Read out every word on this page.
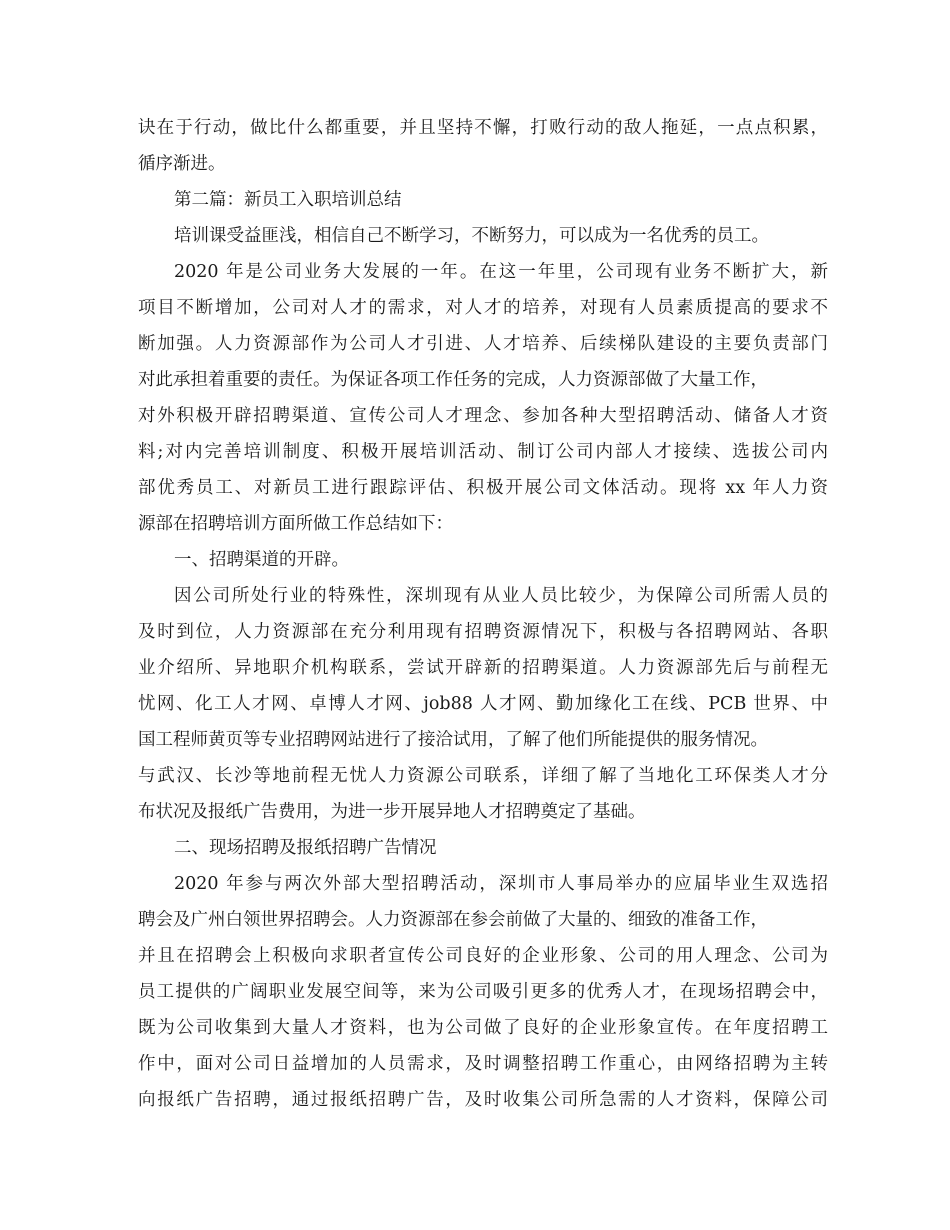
诀在于行动，做比什么都重要，并且坚持不懈，打败行动的敌人拖延，一点点积累，
循序渐进。
第二篇：新员工入职培训总结
培训课受益匪浅，相信自己不断学习，不断努力，可以成为一名优秀的员工。
2020 年是公司业务大发展的一年。在这一年里，公司现有业务不断扩大，新
项目不断增加，公司对人才的需求，对人才的培养，对现有人员素质提高的要求不
断加强。人力资源部作为公司人才引进、人才培养、后续梯队建设的主要负责部门
对此承担着重要的责任。为保证各项工作任务的完成，人力资源部做了大量工作，
对外积极开辟招聘渠道、宣传公司人才理念、参加各种大型招聘活动、储备人才资
料;对内完善培训制度、积极开展培训活动、制订公司内部人才接续、选拔公司内
部优秀员工、对新员工进行跟踪评估、积极开展公司文体活动。现将 xx 年人力资
源部在招聘培训方面所做工作总结如下：
一、招聘渠道的开辟。
因公司所处行业的特殊性，深圳现有从业人员比较少，为保障公司所需人员的
及时到位，人力资源部在充分利用现有招聘资源情况下，积极与各招聘网站、各职
业介绍所、异地职介机构联系，尝试开辟新的招聘渠道。人力资源部先后与前程无
忧网、化工人才网、卓博人才网、job88 人才网、勤加缘化工在线、PCB 世界、中
国工程师黄页等专业招聘网站进行了接洽试用，了解了他们所能提供的服务情况。
与武汉、长沙等地前程无忧人力资源公司联系，详细了解了当地化工环保类人才分
布状况及报纸广告费用，为进一步开展异地人才招聘奠定了基础。
二、现场招聘及报纸招聘广告情况
2020 年参与两次外部大型招聘活动，深圳市人事局举办的应届毕业生双选招
聘会及广州白领世界招聘会。人力资源部在参会前做了大量的、细致的准备工作，
并且在招聘会上积极向求职者宣传公司良好的企业形象、公司的用人理念、公司为
员工提供的广阔职业发展空间等，来为公司吸引更多的优秀人才，在现场招聘会中，
既为公司收集到大量人才资料，也为公司做了良好的企业形象宣传。在年度招聘工
作中，面对公司日益增加的人员需求，及时调整招聘工作重心，由网络招聘为主转
向报纸广告招聘，通过报纸招聘广告，及时收集公司所急需的人才资料，保障公司
